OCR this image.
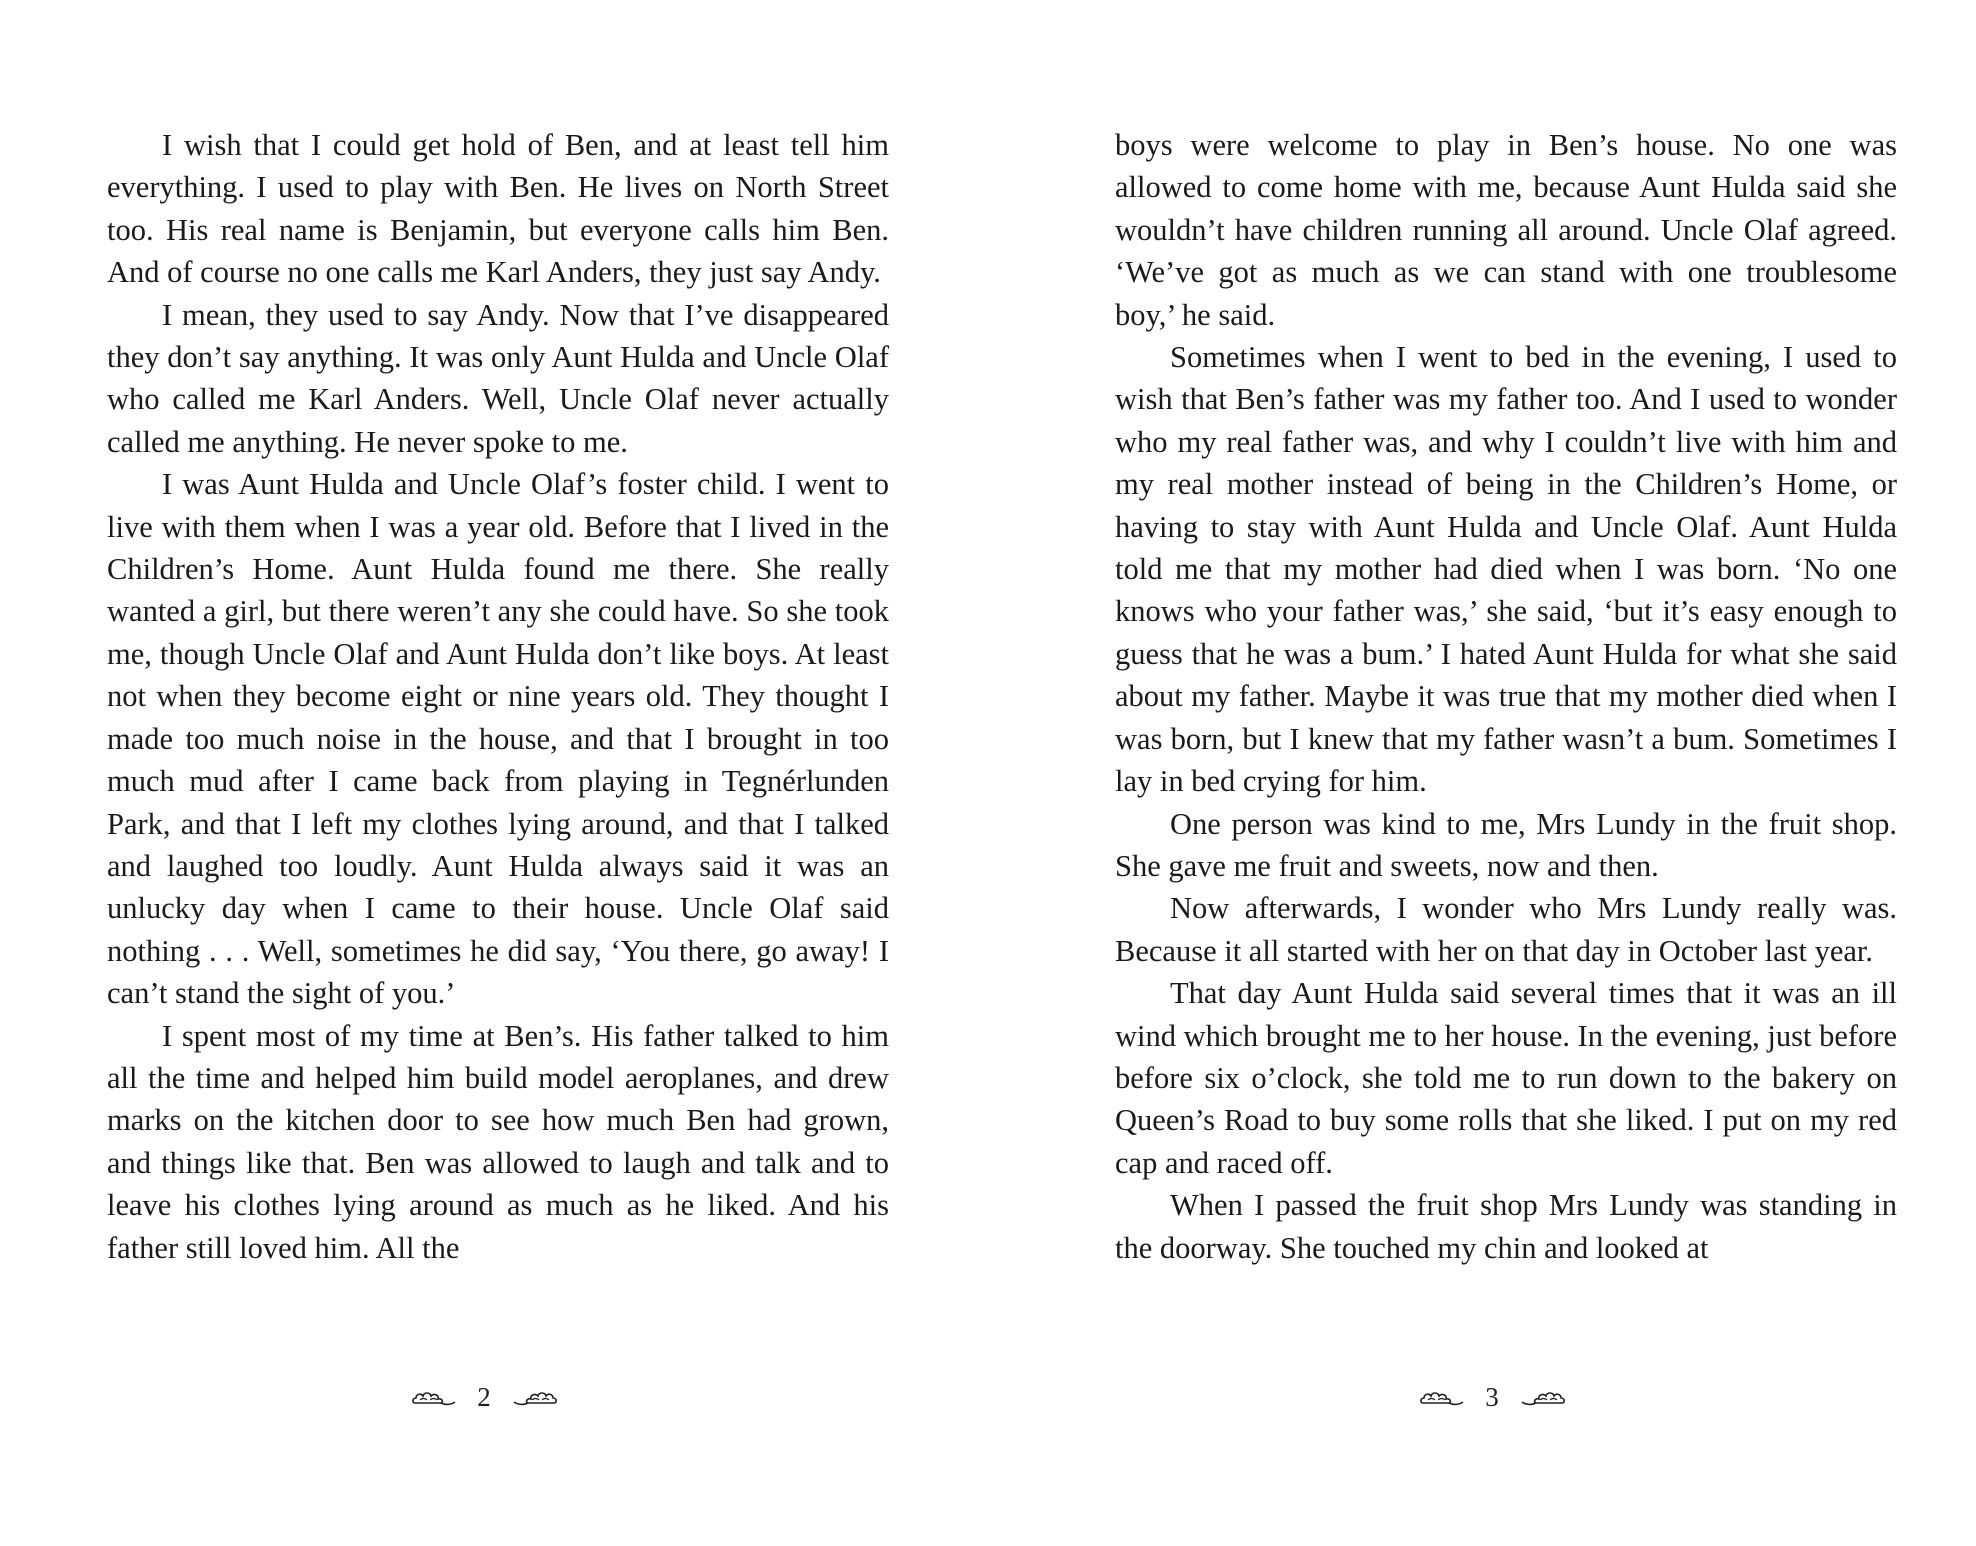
I wish that I could get hold of Ben, and at least tell him everything. I used to play with Ben. He lives on North Street too. His real name is Benjamin, but everyone calls him Ben. And of course no one calls me Karl Anders, they just say Andy.

I mean, they used to say Andy. Now that I’ve disappeared they don’t say anything. It was only Aunt Hulda and Uncle Olaf who called me Karl Anders. Well, Uncle Olaf never actually called me anything. He never spoke to me.

I was Aunt Hulda and Uncle Olaf’s foster child. I went to live with them when I was a year old. Before that I lived in the Children’s Home. Aunt Hulda found me there. She really wanted a girl, but there weren’t any she could have. So she took me, though Uncle Olaf and Aunt Hulda don’t like boys. At least not when they become eight or nine years old. They thought I made too much noise in the house, and that I brought in too much mud after I came back from playing in Tegnérlunden Park, and that I left my clothes lying around, and that I talked and laughed too loudly. Aunt Hulda always said it was an unlucky day when I came to their house. Uncle Olaf said nothing . . . Well, sometimes he did say, ‘You there, go away! I can’t stand the sight of you.’

I spent most of my time at Ben’s. His father talked to him all the time and helped him build model aeroplanes, and drew marks on the kitchen door to see how much Ben had grown, and things like that. Ben was allowed to laugh and talk and to leave his clothes lying around as much as he liked. And his father still loved him. All the

2

boys were welcome to play in Ben’s house. No one was allowed to come home with me, because Aunt Hulda said she wouldn’t have children running all around. Uncle Olaf agreed. ‘We’ve got as much as we can stand with one troublesome boy,’ he said.

Sometimes when I went to bed in the evening, I used to wish that Ben’s father was my father too. And I used to wonder who my real father was, and why I couldn’t live with him and my real mother instead of being in the Children’s Home, or having to stay with Aunt Hulda and Uncle Olaf. Aunt Hulda told me that my mother had died when I was born. ‘No one knows who your father was,’ she said, ‘but it’s easy enough to guess that he was a bum.’ I hated Aunt Hulda for what she said about my father. Maybe it was true that my mother died when I was born, but I knew that my father wasn’t a bum. Sometimes I lay in bed crying for him.

One person was kind to me, Mrs Lundy in the fruit shop. She gave me fruit and sweets, now and then.

Now afterwards, I wonder who Mrs Lundy really was. Because it all started with her on that day in October last year.

That day Aunt Hulda said several times that it was an ill wind which brought me to her house. In the evening, just before before six o’clock, she told me to run down to the bakery on Queen’s Road to buy some rolls that she liked. I put on my red cap and raced off.

When I passed the fruit shop Mrs Lundy was standing in the doorway. She touched my chin and looked at

3
